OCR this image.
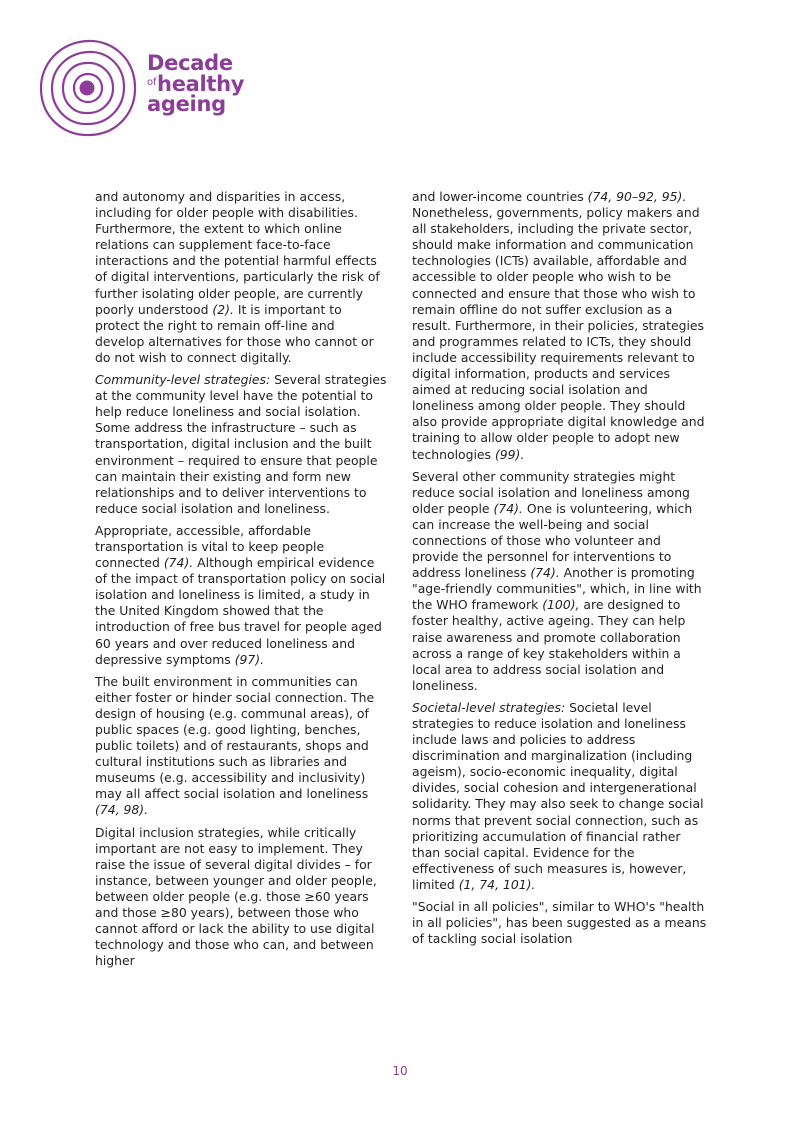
Decade
$^{of}$healthy
ageing

and autonomy and disparities in access, including for older people with disabilities. Furthermore, the extent to which online relations can supplement face-to-face interactions and the potential harmful effects of digital interventions, particularly the risk of further isolating older people, are currently poorly understood (2). It is important to protect the right to remain off-line and develop alternatives for those who cannot or do not wish to connect digitally.

Community-level strategies: Several strategies at the community level have the potential to help reduce loneliness and social isolation. Some address the infrastructure – such as transportation, digital inclusion and the built environment – required to ensure that people can maintain their existing and form new relationships and to deliver interventions to reduce social isolation and loneliness.

Appropriate, accessible, affordable transportation is vital to keep people connected (74). Although empirical evidence of the impact of transportation policy on social isolation and loneliness is limited, a study in the United Kingdom showed that the introduction of free bus travel for people aged 60 years and over reduced loneliness and depressive symptoms (97).

The built environment in communities can either foster or hinder social connection. The design of housing (e.g. communal areas), of public spaces (e.g. good lighting, benches, public toilets) and of restaurants, shops and cultural institutions such as libraries and museums (e.g. accessibility and inclusivity) may all affect social isolation and loneliness (74, 98).

Digital inclusion strategies, while critically important are not easy to implement. They raise the issue of several digital divides – for instance, between younger and older people, between older people (e.g. those ≥60 years and those ≥80 years), between those who cannot afford or lack the ability to use digital technology and those who can, and between higher

and lower-income countries (74, 90–92, 95). Nonetheless, governments, policy makers and all stakeholders, including the private sector, should make information and communication technologies (ICTs) available, affordable and accessible to older people who wish to be connected and ensure that those who wish to remain offline do not suffer exclusion as a result. Furthermore, in their policies, strategies and programmes related to ICTs, they should include accessibility requirements relevant to digital information, products and services aimed at reducing social isolation and loneliness among older people. They should also provide appropriate digital knowledge and training to allow older people to adopt new technologies (99).

Several other community strategies might reduce social isolation and loneliness among older people (74). One is volunteering, which can increase the well-being and social connections of those who volunteer and provide the personnel for interventions to address loneliness (74). Another is promoting "age-friendly communities", which, in line with the WHO framework (100), are designed to foster healthy, active ageing. They can help raise awareness and promote collaboration across a range of key stakeholders within a local area to address social isolation and loneliness.

Societal-level strategies: Societal level strategies to reduce isolation and loneliness include laws and policies to address discrimination and marginalization (including ageism), socio-economic inequality, digital divides, social cohesion and intergenerational solidarity. They may also seek to change social norms that prevent social connection, such as prioritizing accumulation of financial rather than social capital. Evidence for the effectiveness of such measures is, however, limited (1, 74, 101).

"Social in all policies", similar to WHO's "health in all policies", has been suggested as a means of tackling social isolation

10
